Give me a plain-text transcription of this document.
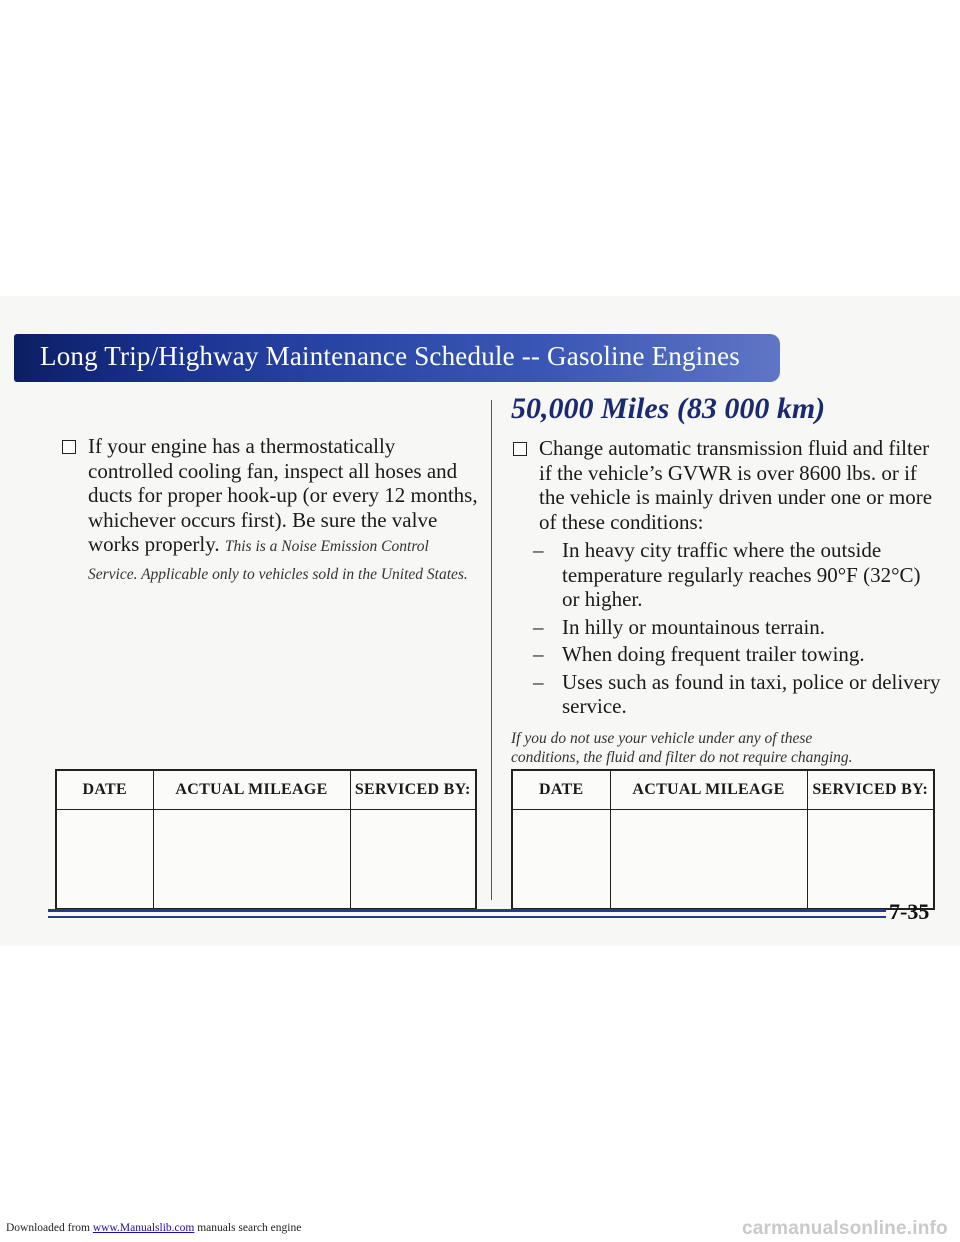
Long Trip/Highway Maintenance Schedule -- Gasoline Engines
If your engine has a thermostatically controlled cooling fan, inspect all hoses and ducts for proper hook-up (or every 12 months, whichever occurs first). Be sure the valve works properly. This is a Noise Emission Control Service. Applicable only to vehicles sold in the United States.
50,000 Miles (83 000 km)
Change automatic transmission fluid and filter if the vehicle’s GVWR is over 8600 lbs. or if the vehicle is mainly driven under one or more of these conditions:
– In heavy city traffic where the outside temperature regularly reaches 90°F (32°C) or higher.
– In hilly or mountainous terrain.
– When doing frequent trailer towing.
– Uses such as found in taxi, police or delivery service.
If you do not use your vehicle under any of these
conditions, the fluid and filter do not require changing.
DATE	ACTUAL MILEAGE	SERVICED BY:
			DATE	ACTUAL MILEAGE	SERVICED BY:

7-35
Downloaded from www.Manualslib.com manuals search engine	carmanualsonline.info
